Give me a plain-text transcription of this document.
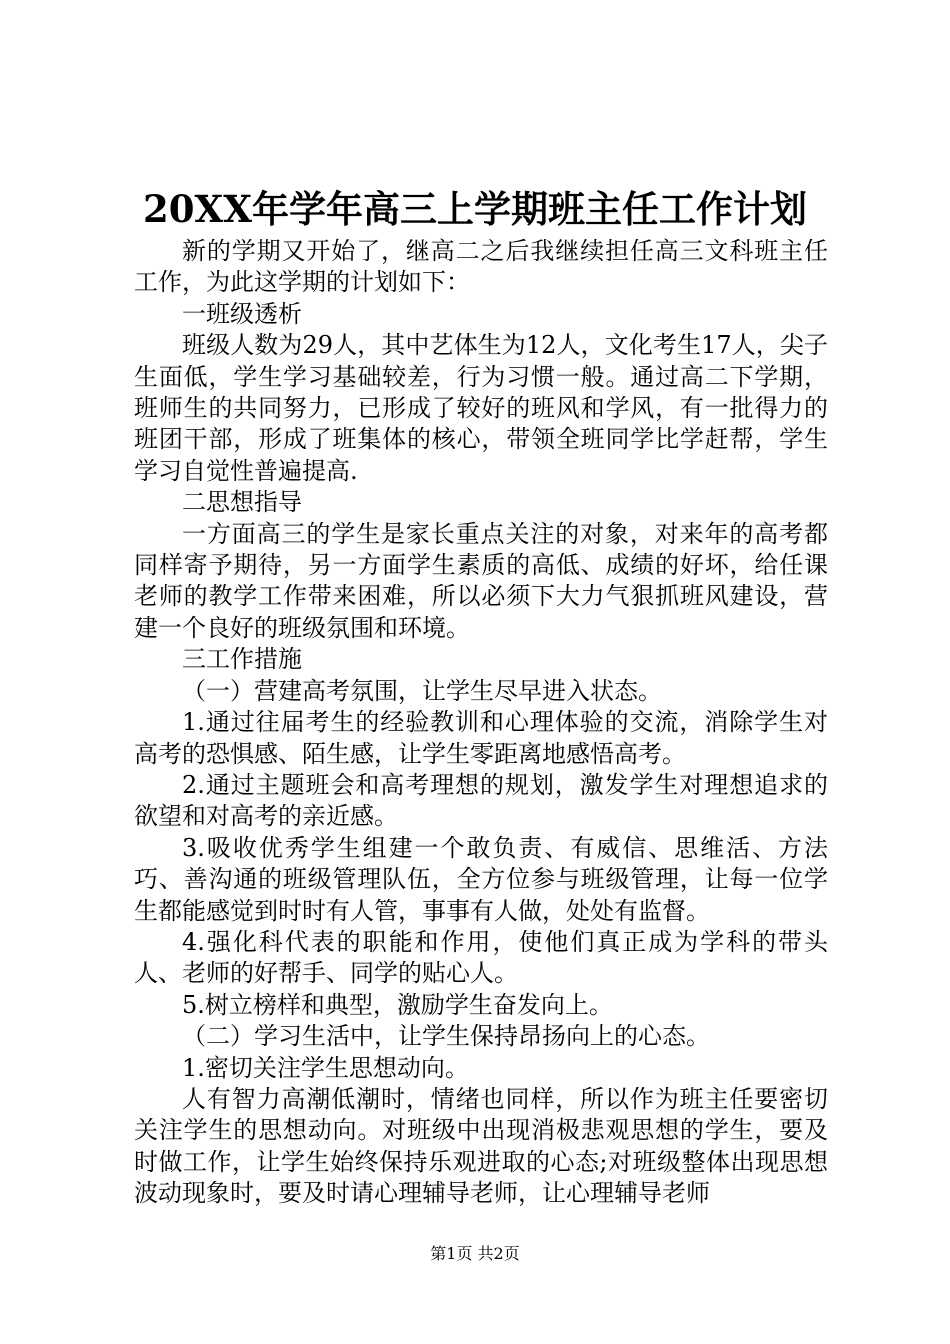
20XX年学年高三上学期班主任工作计划

新的学期又开始了，继高二之后我继续担任高三文科班主任工作，为此这学期的计划如下：

一班级透析

班级人数为29人，其中艺体生为12人，文化考生17人，尖子生面低，学生学习基础较差，行为习惯一般。通过高二下学期，班师生的共同努力，已形成了较好的班风和学风，有一批得力的班团干部，形成了班集体的核心，带领全班同学比学赶帮，学生学习自觉性普遍提高.

二思想指导

一方面高三的学生是家长重点关注的对象，对来年的高考都同样寄予期待，另一方面学生素质的高低、成绩的好坏，给任课老师的教学工作带来困难，所以必须下大力气狠抓班风建设，营建一个良好的班级氛围和环境。

三工作措施

（一）营建高考氛围，让学生尽早进入状态。

1.通过往届考生的经验教训和心理体验的交流，消除学生对高考的恐惧感、陌生感，让学生零距离地感悟高考。

2.通过主题班会和高考理想的规划，激发学生对理想追求的欲望和对高考的亲近感。

3.吸收优秀学生组建一个敢负责、有威信、思维活、方法巧、善沟通的班级管理队伍，全方位参与班级管理，让每一位学生都能感觉到时时有人管，事事有人做，处处有监督。

4.强化科代表的职能和作用，使他们真正成为学科的带头人、老师的好帮手、同学的贴心人。

5.树立榜样和典型，激励学生奋发向上。

（二）学习生活中，让学生保持昂扬向上的心态。

1.密切关注学生思想动向。

人有智力高潮低潮时，情绪也同样，所以作为班主任要密切关注学生的思想动向。对班级中出现消极悲观思想的学生，要及时做工作，让学生始终保持乐观进取的心态;对班级整体出现思想波动现象时，要及时请心理辅导老师，让心理辅导老师

第1页 共2页
